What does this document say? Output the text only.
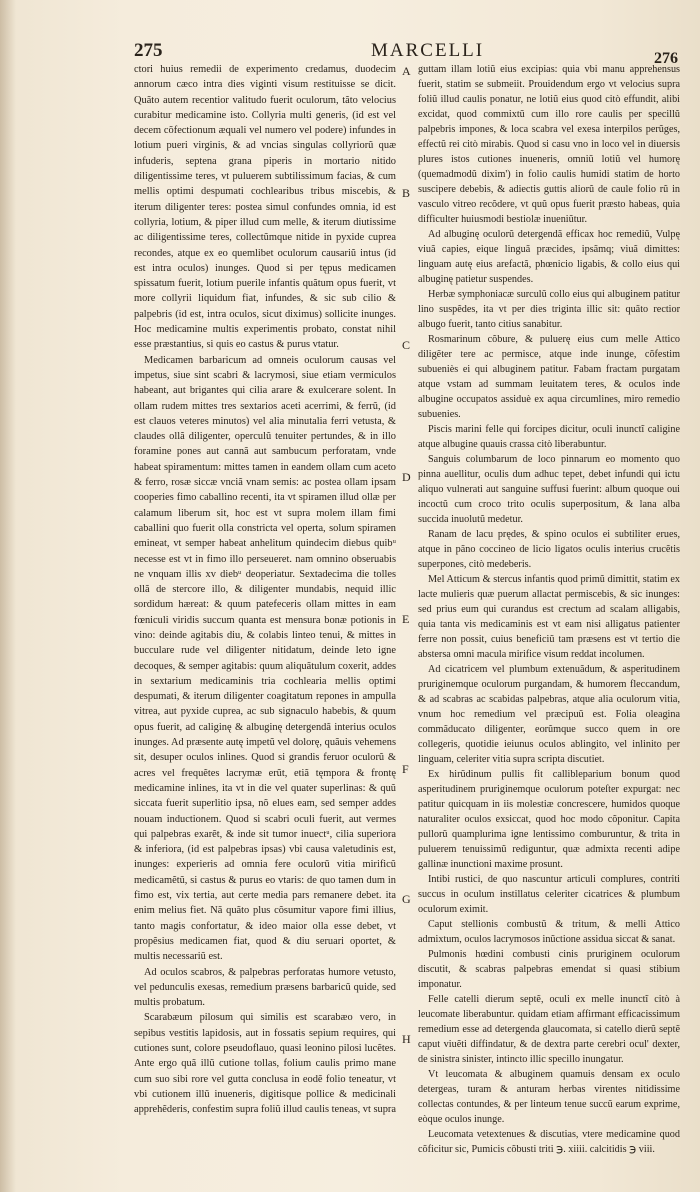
275	MARCELLI	276

ctori huius remedii de experimento credamus, duodecim annorum cæco intra dies viginti visum restituisse se dicit. Quãto autem recentior valitudo fuerit oculorum, tãto velocius curabitur medicamine isto. Collyria multi generis, (id est vel decem cõfectionum æquali vel numero vel podere) infundes in lotium pueri virginis, & ad vncias singulas collyriorũ quæ infuderis, septena grana piperis in mortario nitido diligentissime teres, vt puluerem subtilissimum facias, & cum mellis optimi despumati cochlearibus tribus miscebis, & iterum diligenter teres: postea simul confundes omnia, id est collyria, lotium, & piper illud cum melle, & iterum diutissime ac diligentissime teres, collectũmque nitide in pyxide cuprea recondes, atque ex eo quemlibet oculorum causariũ intus (id est intra oculos) inunges. Quod si per tępus medicamen spissatum fuerit, lotium puerile infantis quãtum opus fuerit, vt more collyrii liquidum fiat, infundes, & sic sub cilio & palpebris (id est, intra oculos, sicut diximus) sollicite inunges. Hoc medicamine multis experimentis probato, constat nihil esse præstantius, si quis eo castus & purus vtatur.

Medicamen barbaricum ad omneis oculorum causas vel impetus, siue sint scabri & lacrymosi, siue etiam vermiculos habeant, aut brigantes qui cilia arare & exulcerare solent. In ollam rudem mittes tres sextarios aceti acerrimi, & ferrũ, (id est clauos veteres minutos) vel alia minutalia ferri vetusta, & claudes ollã diligenter, operculũ tenuiter pertundes, & in illo foramine pones aut cannã aut sambucum perforatam, vnde habeat spiramentum: mittes tamen in eandem ollam cum aceto & ferro, rosæ siccæ vnciã vnam semis: ac postea ollam ipsam cooperies fimo caballino recenti, ita vt spiramen illud ollæ per calamum liberum sit, hoc est vt supra molem illam fimi caballini quo fuerit olla constricta vel operta, solum spiramen emineat, vt semper habeat anhelitum quindecim diebus quibᵘ necesse est vt in fimo illo perseueret. nam omnino obseruabis ne vnquam illis xv diebᵘ deoperiatur. Sextadecima die tolles ollã de stercore illo, & diligenter mundabis, nequid illic sordidum hæreat: & quum patefeceris ollam mittes in eam fœniculi viridis succum quanta est mensura bonæ potionis in vino: deinde agitabis diu, & colabis linteo tenui, & mittes in bucculare rude vel diligenter nitidatum, deinde leto igne decoques, & semper agitabis: quum aliquãtulum coxerit, addes in sextarium medicaminis tria cochlearia mellis optimi despumati, & iterum diligenter coagitatum repones in ampulla vitrea, aut pyxide cuprea, ac sub signaculo habebis, & quum opus fuerit, ad caliginę & albuginę detergendã interius oculos inunges. Ad præsente autę impetũ vel dolorę, quãuis vehemens sit, desuper oculos inlines. Quod si grandis feruor oculorũ & acres vel frequẽtes lacrymæ erũt, etiã tęmpora & frontę medicamine inlines, ita vt in die vel quater superlinas: & quũ siccata fuerit superlitio ipsa, nõ elues eam, sed semper addes nouam inductionem. Quod si scabri oculi fuerit, aut vermes qui palpebras exarẽt, & inde sit tumor inuectᵘ, cilia superiora & inferiora, (id est palpebras ipsas) vbi causa valetudinis est, inunges: experieris ad omnia fere oculorũ vitia mirificũ medicamẽtũ, si castus & purus eo vtaris: de quo tamen dum in fimo est, vix tertia, aut certe media pars remanere debet. ita enim melius fiet. Nã quãto plus cõsumitur vapore fimi illius, tanto magis confortatur, & ideo maior olla esse debet, vt propẽsius medicamen fiat, quod & diu seruari oportet, & multis necessariũ est.

Ad oculos scabros, & palpebras perforatas humore vetusto, vel pedunculis exesas, remedium præsens barbaricũ quide, sed multis probatum.

Scarabæum pilosum qui similis est scarabæo vero, in sepibus vestitis lapidosis, aut in fossatis sepium requires, qui cutiones sunt, colore pseudoflauo, quasi leonino pilosi lucẽtes. Ante ergo quã illũ cutione tollas, folium caulis primo mane cum suo sibi rore vel gutta conclusa in eodẽ folio teneatur, vt vbi cutionem illũ inueneris, digitisque pollice & medicinali apprehẽderis, confestim supra foliũ illud caulis teneas, vt supra

A
B
C
D
E
F
G
H

guttam illam lotiũ eius excipias: quia vbi manu apprehensus fuerit, statim se submeiit. Prouidendum ergo vt velocius supra foliũ illud caulis ponatur, ne lotiũ eius quod citò effundit, alibi excidat, quod commixtũ cum illo rore caulis per specillũ palpebris impones, & loca scabra vel exesa interpilos perũges, effectũ rei citò mirabis. Quod si casu vno in loco vel in diuersis plures istos cutiones inueneris, omniũ lotiũ vel humorę (quemadmodũ dixim') in folio caulis humidi statim de horto suscipere debebis, & adiectis guttis aliorũ de caule folio rũ in vasculo vitreo recõdere, vt quũ opus fuerit præsto habeas, quia difficulter huiusmodi bestiolæ inueniũtur.

Ad albuginę oculorũ detergendã efficax hoc remediũ, Vulpę viuã capies, eique linguã præcides, ipsãmq; viuã dimittes: linguam autę eius arefactã, phœnicio ligabis, & collo eius qui albuginę patietur suspendes.

Herbæ symphoniacæ surculũ collo eius qui albuginem patitur lino suspẽdes, ita vt per dies triginta illic sit: quãto rectior albugo fuerit, tanto citius sanabitur.

Rosmarinum cõbure, & puluerę eius cum melle Attico diligẽter tere ac permisce, atque inde inunge, cõfestim subueniès ei qui albuginem patitur. Fabam fractam purgatam atque vstam ad summam leuitatem teres, & oculos inde albugine occupatos assiduè ex aqua circumlines, miro remedio subuenies.

Piscis marini felle qui forcipes dicitur, oculi inunctĩ caligine atque albugine quauis crassa citò liberabuntur.

Sanguis columbarum de loco pinnarum eo momento quo pinna auellitur, oculis dum adhuc tepet, debet infundi qui ictu aliquo vulnerati aut sanguine suffusi fuerint: album quoque oui incoctũ cum croco trito oculis superpositum, & lana alba succida inuolutũ medetur.

Ranam de lacu prędes, & spino oculos ei subtiliter erues, atque in pãno coccineo de licio ligatos oculis interius crucẽtis superpones, citò medeberis.

Mel Atticum & stercus infantis quod primũ dimittit, statim ex lacte mulieris quæ puerum allactat permiscebis, & sic inunges: sed prius eum qui curandus est crectum ad scalam alligabis, quia tanta vis medicaminis est vt eam nisi alligatus patienter ferre non possit, cuius beneficiũ tam præsens est vt tertio die abstersa omni macula mirifice visum reddat incolumen.

Ad cicatricem vel plumbum extenuãdum, & asperitudinem pruriginemque oculorum purgandam, & humorem fleccandum, & ad scabras ac scabidas palpebras, atque alia oculorum vitia, vnum hoc remedium vel præcipuũ est. Folia oleagina commãducato diligenter, eorũmque succo quem in ore collegeris, quotidie ieiunus oculos ablingito, vel inlinito per linguam, celeriter vitia supra scripta discutiet.

Ex hirũdinum pullis fit callibleparium bonum quod asperitudinem pruriginemque oculorum poteſter expurgat: nec patitur quicquam in iis molestiæ concrescere, humidos quoque naturaliter oculos exsiccat, quod hoc modo cõponitur. Capita pullorũ quamplurima igne lentissimo comburuntur, & trita in puluerem tenuissimũ rediguntur, quæ admixta recenti adipe gallinæ inunctioni maxime prosunt.

Intibi rustici, de quo nascuntur articuli complures, contriti succus in oculum instillatus celeriter cicatrices & plumbum oculorum eximit.

Caput stellionis combustũ & tritum, & melli Attico admixtum, oculos lacrymosos inũctione assidua siccat & sanat.

Pulmonis hœdini combusti cinis pruriginem oculorum discutit, & scabras palpebras emendat si quasi stibium imponatur.

Felle catelli dierum septẽ, oculi ex melle inunctĩ citò à leucomate liberabuntur. quidam etiam affirmant efficacissimum remedium esse ad detergenda glaucomata, si catello dierũ septẽ caput viuẽti diffindatur, & de dextra parte cerebri ocul' dexter, de sinistra sinister, intincto illic specillo inungatur.

Vt leucomata & albuginem quamuis densam ex oculo detergeas, turam & anturam herbas virentes nitidissime collectas contundes, & per linteum tenue succũ earum exprime, eòque oculos inunge.

Leucomata vetextenues & discutias, vtere medicamine quod cõficitur sic, Pumicis cõbusti triti ℈. xiiii. calcitidis ℈ viii.
